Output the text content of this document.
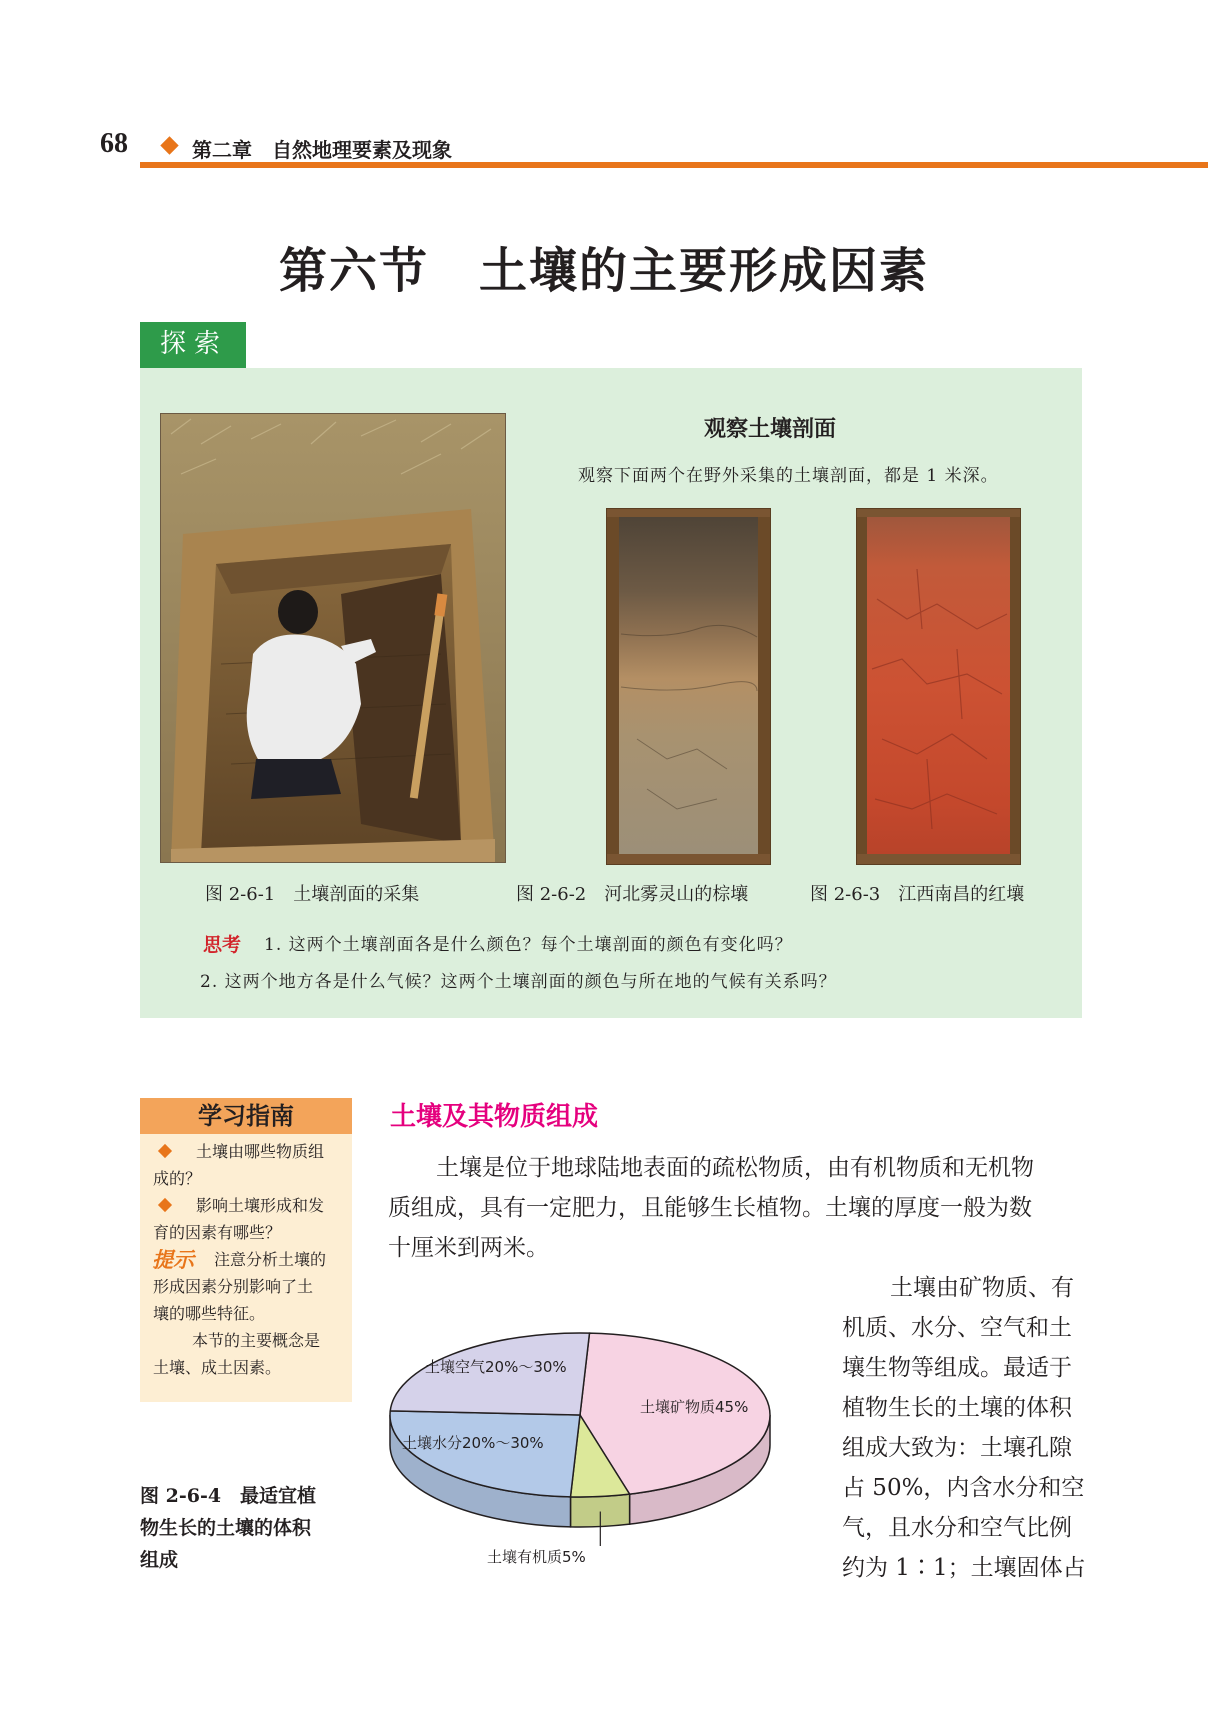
68	第二章　自然地理要素及现象
第六节　土壤的主要形成因素
探索
观察土壤剖面
观察下面两个在野外采集的土壤剖面，都是 1 米深。
图 2-6-1　 土壤剖面的采集	图 2-6-2　 河北雾灵山的棕壤	图 2-6-3　 江西南昌的红壤
思考 1. 这两个土壤剖面各是什么颜色？每个土壤剖面的颜色有变化吗？
2. 这两个地方各是什么气候？这两个土壤剖面的颜色与所在地的气候有关系吗？
学习指南
土壤由哪些物质组
成的？
影响土壤形成和发
育的因素有哪些？
提示 注意分析土壤的
形成因素分别影响了土
壤的哪些特征。
本节的主要概念是
土壤、成土因素。
图 2-6-4　最适宜植
物生长的土壤的体积
组成
土壤及其物质组成
土壤是位于地球陆地表面的疏松物质，由有机物质和无机物
质组成，具有一定肥力，且能够生长植物。土壤的厚度一般为数
十厘米到两米。
土壤由矿物质、有
机质、水分、空气和土
壤生物等组成。最适于
植物生长的土壤的体积
组成大致为：土壤孔隙
占 50%，内含水分和空
气，且水分和空气比例
约为 1∶1；土壤固体占
土壤矿物质45%
土壤有机质5%
土壤水分20%～30%
土壤空气20%～30%
